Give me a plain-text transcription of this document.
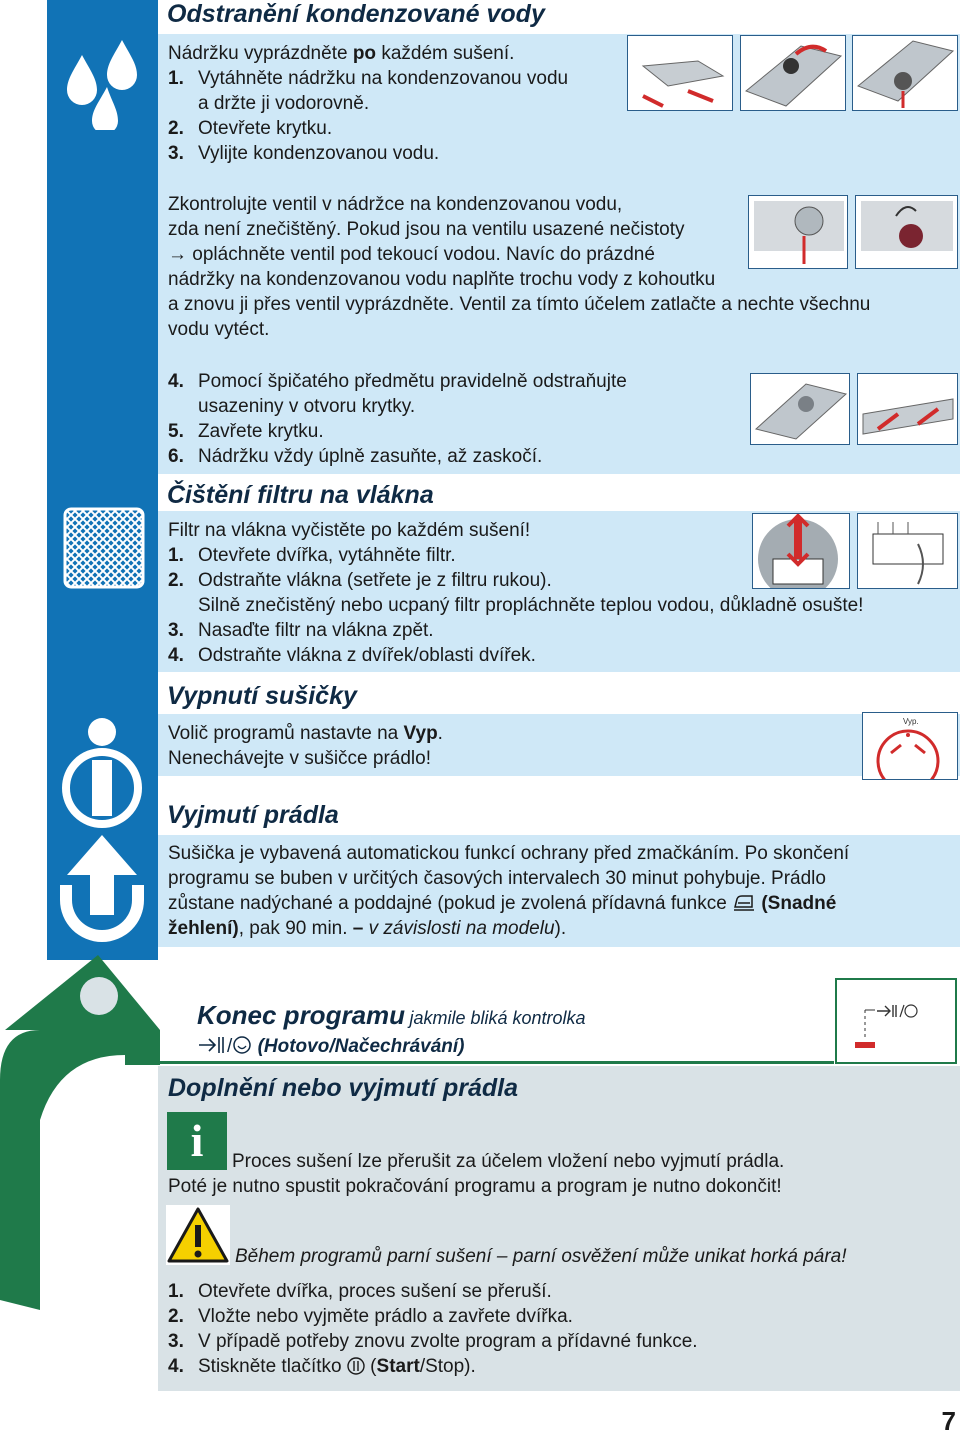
Odstranění kondenzované vody
Nádržku vyprázdněte po každém sušení.
1. Vytáhněte nádržku na kondenzovanou vodu
a držte ji vodorovně.
2. Otevřete krytku.
3. Vylijte kondenzovanou vodu.
Zkontrolujte ventil v nádržce na kondenzovanou vodu,
zda není znečištěný. Pokud jsou na ventilu usazené nečistoty
→ opláchněte ventil pod tekoucí vodou. Navíc do prázdné
nádržky na kondenzovanou vodu naplňte trochu vody z kohoutku
a znovu ji přes ventil vyprázdněte. Ventil za tímto účelem zatlačte a nechte všechnu
vodu vytéct.
4. Pomocí špičatého předmětu pravidelně odstraňujte
usazeniny v otvoru krytky.
5. Zavřete krytku.
6. Nádržku vždy úplně zasuňte, až zaskočí.
Čištění filtru na vlákna
Filtr na vlákna vyčistěte po každém sušení!
1. Otevřete dvířka, vytáhněte filtr.
2. Odstraňte vlákna (setřete je z filtru rukou).
Silně znečistěný nebo ucpaný filtr propláchněte teplou vodou, důkladně osušte!
3. Nasaďte filtr na vlákna zpět.
4. Odstraňte vlákna z dvířek/oblasti dvířek.
Vypnutí sušičky
Volič programů nastavte na Vyp.
Nenechávejte v sušičce prádlo!
Vyp.
Vyjmutí prádla
Sušička je vybavená automatickou funkcí ochrany před zmačkáním. Po skončení
programu se buben v určitých časových intervalech 30 minut pohybuje. Prádlo
zůstane nadýchané a poddajné (pokud je zvolená přídavná funkce  (Snadné
žehlení), pak 90 min. – v závislosti na modelu).
Konec programu jakmile bliká kontrolka
/ (Hotovo/Načechrávání)
Doplnění nebo vyjmutí prádla
i	Proces sušení lze přerušit za účelem vložení nebo vyjmutí prádla.
Poté je nutno spustit pokračování programu a program je nutno dokončit!
Během programů parní sušení – parní osvěžení může unikat horká pára!
1. Otevřete dvířka, proces sušení se přeruší.
2. Vložte nebo vyjměte prádlo a zavřete dvířka.
3. V případě potřeby znovu zvolte program a přídavné funkce.
4. Stiskněte tlačítko  (Start/Stop).
7
